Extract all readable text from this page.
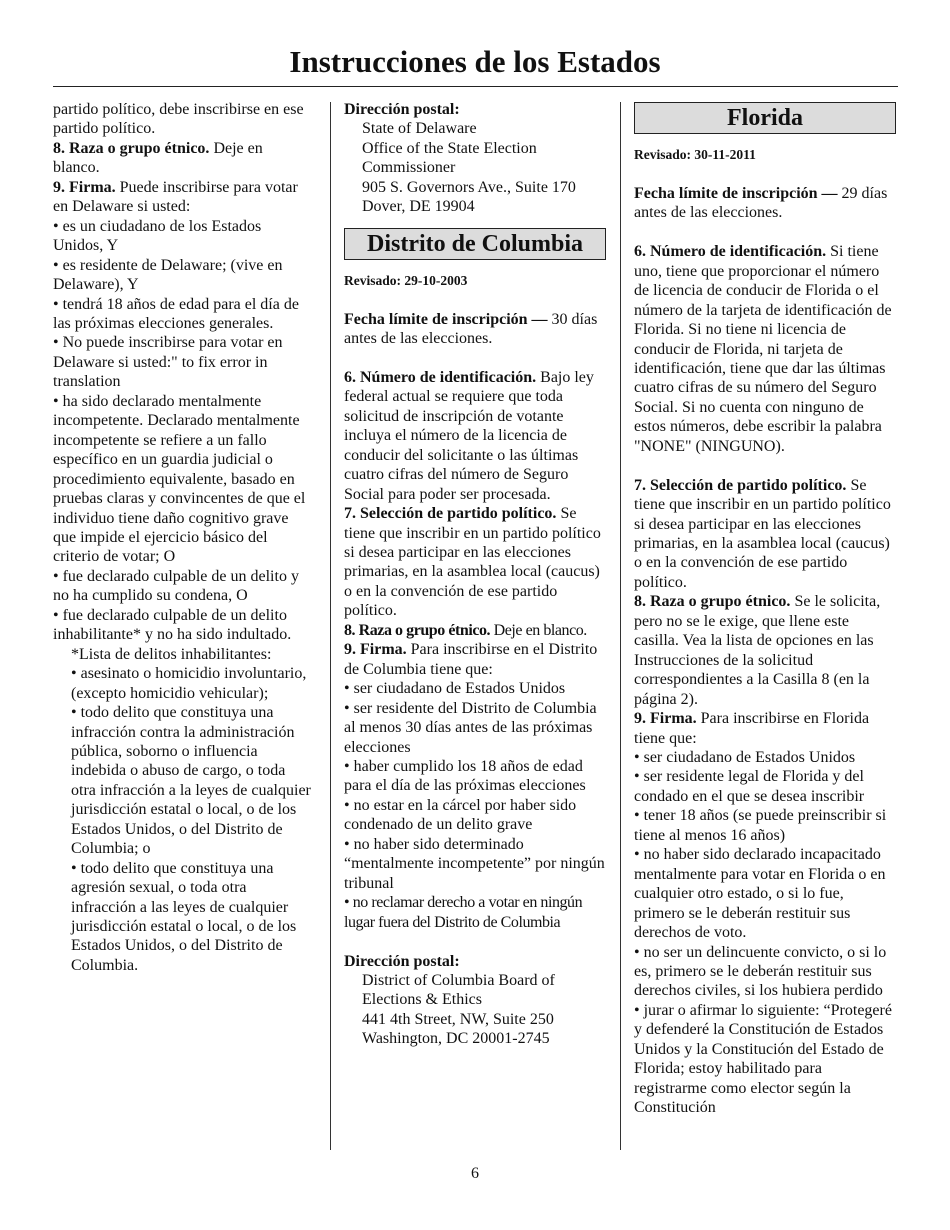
Instrucciones de los Estados

partido político, debe inscribirse en ese partido político.

8. Raza o grupo étnico. Deje en blanco.

9. Firma. Puede inscribirse para votar en Delaware si usted:

• es un ciudadano de los Estados Unidos, Y

• es residente de Delaware; (vive en Delaware), Y

• tendrá 18 años de edad para el día de las próximas elecciones generales.

• No puede inscribirse para votar en Delaware si usted:" to fix error in translation

• ha sido declarado mentalmente incompetente. Declarado mentalmente incompetente se refiere a un fallo específico en un guardia judicial o procedimiento equivalente, basado en pruebas claras y convincentes de que el individuo tiene daño cognitivo grave que impide el ejercicio básico del criterio de votar; O

• fue declarado culpable de un delito y no ha cumplido su condena, O

• fue declarado culpable de un delito inhabilitante* y no ha sido indultado.

*Lista de delitos inhabilitantes:

• asesinato o homicidio involuntario, (excepto homicidio vehicular);

• todo delito que constituya una infracción contra la administración pública, soborno o influencia indebida o abuso de cargo, o toda otra infracción a la leyes de cualquier jurisdicción estatal o local, o de los Estados Unidos, o del Distrito de Columbia; o

• todo delito que constituya una agresión sexual, o toda otra infracción a las leyes de cualquier jurisdicción estatal o local, o de los Estados Unidos, o del Distrito de Columbia.

Dirección postal:

State of Delaware

Office of the State Election Commissioner

905 S. Governors Ave., Suite 170

Dover, DE 19904

Distrito de Columbia

Revisado: 29-10-2003

Fecha límite de inscripción — 30 días antes de las elecciones.

6. Número de identificación. Bajo ley federal actual se requiere que toda solicitud de inscripción de votante incluya el número de la licencia de conducir del solicitante o las últimas cuatro cifras del número de Seguro Social para poder ser procesada.

7. Selección de partido político. Se tiene que inscribir en un partido político si desea participar en las elecciones primarias, en la asamblea local (caucus) o en la convención de ese partido político.

8. Raza o grupo étnico. Deje en blanco.

9. Firma. Para inscribirse en el Distrito de Columbia tiene que:

• ser ciudadano de Estados Unidos

• ser residente del Distrito de Columbia al menos 30 días antes de las próximas elecciones

• haber cumplido los 18 años de edad para el día de las próximas elecciones

• no estar en la cárcel por haber sido condenado de un delito grave

• no haber sido determinado “mentalmente incompetente” por ningún tribunal

• no reclamar derecho a votar en ningún lugar fuera del Distrito de Columbia

Dirección postal:

District of Columbia Board of Elections & Ethics

441 4th Street, NW, Suite 250

Washington, DC 20001-2745

Florida

Revisado: 30-11-2011

Fecha límite de inscripción — 29 días antes de las elecciones.

6. Número de identificación. Si tiene uno, tiene que proporcionar el número de licencia de conducir de Florida o el número de la tarjeta de identificación de Florida. Si no tiene ni licencia de conducir de Florida, ni tarjeta de identificación, tiene que dar las últimas cuatro cifras de su número del Seguro Social. Si no cuenta con ninguno de estos números, debe escribir la palabra "NONE" (NINGUNO).

7. Selección de partido político. Se tiene que inscribir en un partido político si desea participar en las elecciones primarias, en la asamblea local (caucus) o en la convención de ese partido político.

8. Raza o grupo étnico. Se le solicita, pero no se le exige, que llene este casilla. Vea la lista de opciones en las Instrucciones de la solicitud correspondientes a la Casilla 8 (en la página 2).

9. Firma. Para inscribirse en Florida tiene que:

• ser ciudadano de Estados Unidos

• ser residente legal de Florida y del condado en el que se desea inscribir

• tener 18 años (se puede preinscribir si tiene al menos 16 años)

• no haber sido declarado incapacitado mentalmente para votar en Florida o en cualquier otro estado, o si lo fue, primero se le deberán restituir sus derechos de voto.

• no ser un delincuente convicto, o si lo es, primero se le deberán restituir sus derechos civiles, si los hubiera perdido

• jurar o afirmar lo siguiente: “Protegeré y defenderé la Constitución de Estados Unidos y la Constitución del Estado de Florida; estoy habilitado para registrarme como elector según la Constitución

6
